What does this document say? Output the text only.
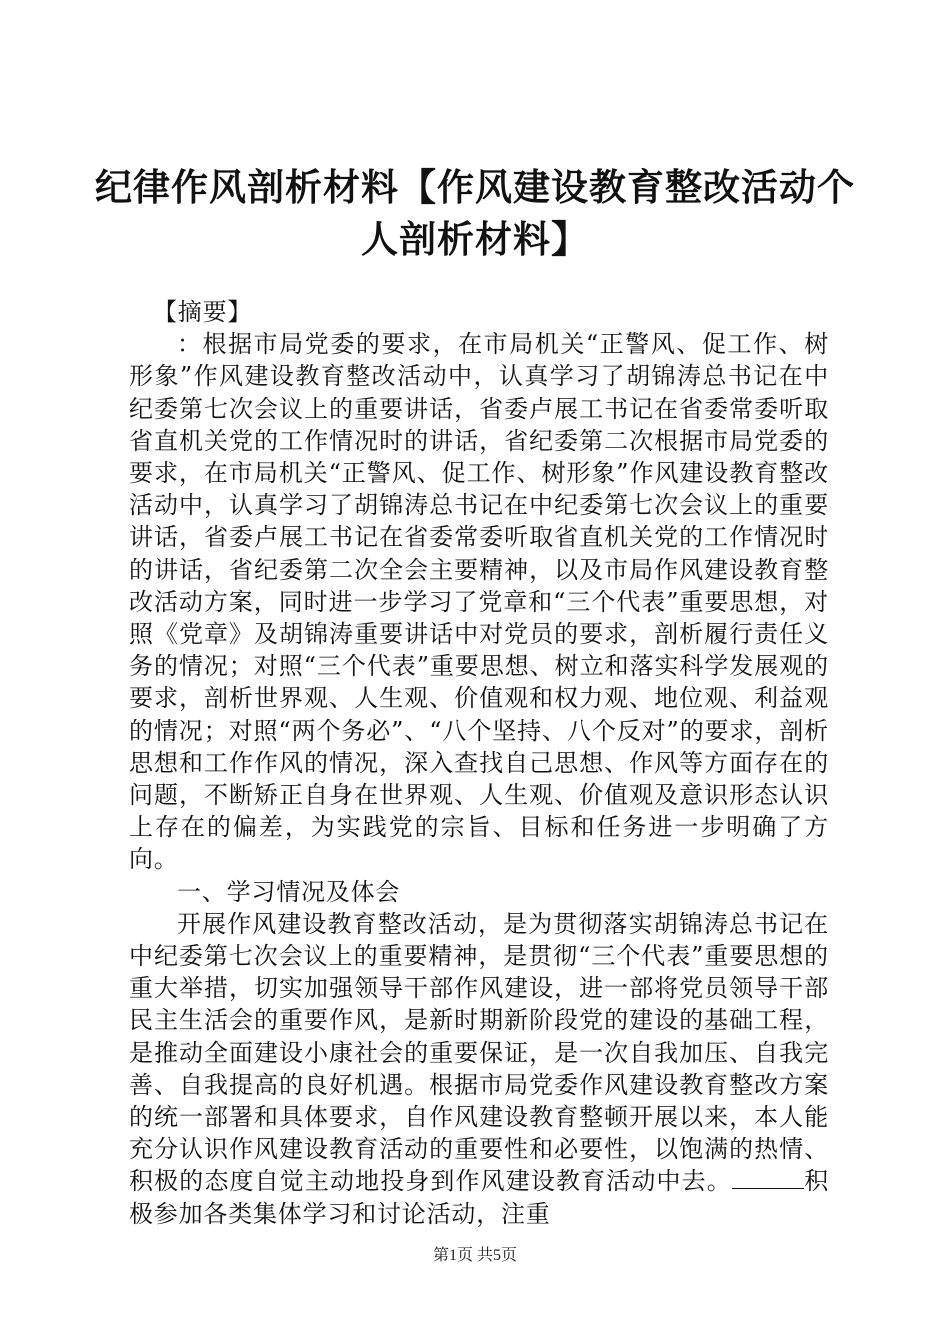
纪律作风剖析材料【作风建设教育整改活动个
人剖析材料】

【摘要】

：根据市局党委的要求，在市局机关“正警风、促工作、树形象”作风建设教育整改活动中，认真学习了胡锦涛总书记在中纪委第七次会议上的重要讲话，省委卢展工书记在省委常委听取省直机关党的工作情况时的讲话，省纪委第二次根据市局党委的要求，在市局机关“正警风、促工作、树形象”作风建设教育整改活动中，认真学习了胡锦涛总书记在中纪委第七次会议上的重要讲话，省委卢展工书记在省委常委听取省直机关党的工作情况时的讲话，省纪委第二次全会主要精神，以及市局作风建设教育整改活动方案，同时进一步学习了党章和“三个代表”重要思想，对照《党章》及胡锦涛重要讲话中对党员的要求，剖析履行责任义务的情况；对照“三个代表”重要思想、树立和落实科学发展观的要求，剖析世界观、人生观、价值观和权力观、地位观、利益观的情况；对照“两个务必”、“八个坚持、八个反对”的要求，剖析思想和工作作风的情况，深入查找自己思想、作风等方面存在的问题，不断矫正自身在世界观、人生观、价值观及意识形态认识上存在的偏差，为实践党的宗旨、目标和任务进一步明确了方向。

一、学习情况及体会

开展作风建设教育整改活动，是为贯彻落实胡锦涛总书记在中纪委第七次会议上的重要精神，是贯彻“三个代表”重要思想的重大举措，切实加强领导干部作风建设，进一部将党员领导干部民主生活会的重要作风，是新时期新阶段党的建设的基础工程，是推动全面建设小康社会的重要保证，是一次自我加压、自我完善、自我提高的良好机遇。根据市局党委作风建设教育整改方案的统一部署和具体要求，自作风建设教育整顿开展以来，本人能充分认识作风建设教育活动的重要性和必要性，以饱满的热情、积极的态度自觉主动地投身到作风建设教育活动中去。	积极参加各类集体学习和讨论活动，注重

第1页 共5页
